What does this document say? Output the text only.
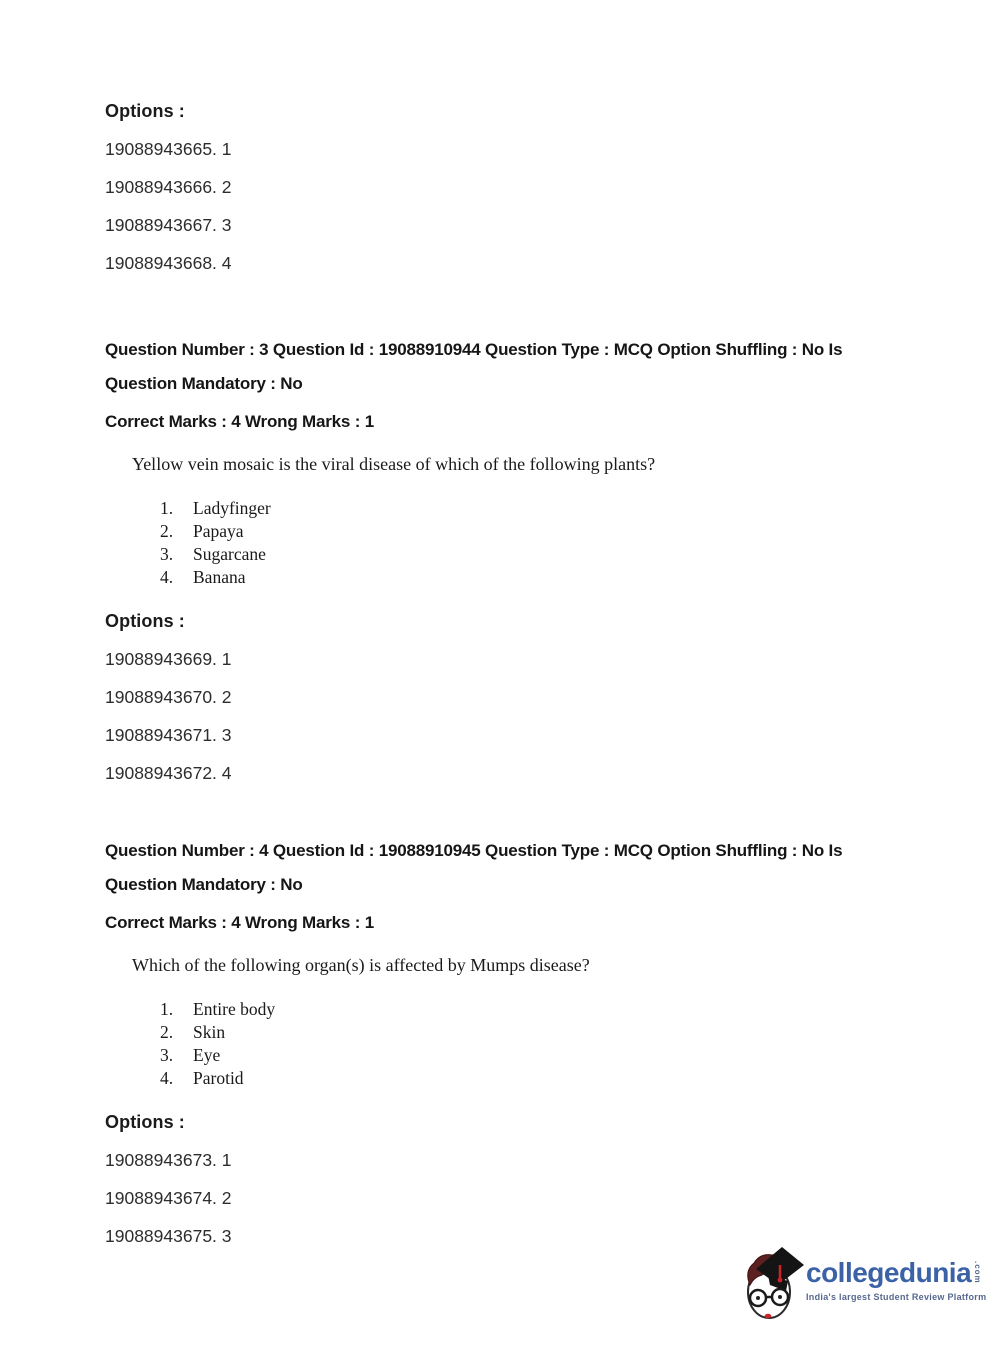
Options :
19088943665. 1
19088943666. 2
19088943667. 3
19088943668. 4
Question Number : 3 Question Id : 19088910944 Question Type : MCQ Option Shuffling : No Is
Question Mandatory : No
Correct Marks : 4 Wrong Marks : 1
Yellow vein mosaic is the viral disease of which of the following plants?
1. Ladyfinger
2. Papaya
3. Sugarcane
4. Banana
Options :
19088943669. 1
19088943670. 2
19088943671. 3
19088943672. 4
Question Number : 4 Question Id : 19088910945 Question Type : MCQ Option Shuffling : No Is
Question Mandatory : No
Correct Marks : 4 Wrong Marks : 1
Which of the following organ(s) is affected by Mumps disease?
1. Entire body
2. Skin
3. Eye
4. Parotid
Options :
19088943673. 1
19088943674. 2
19088943675. 3
collegedunia .com
India's largest Student Review Platform
